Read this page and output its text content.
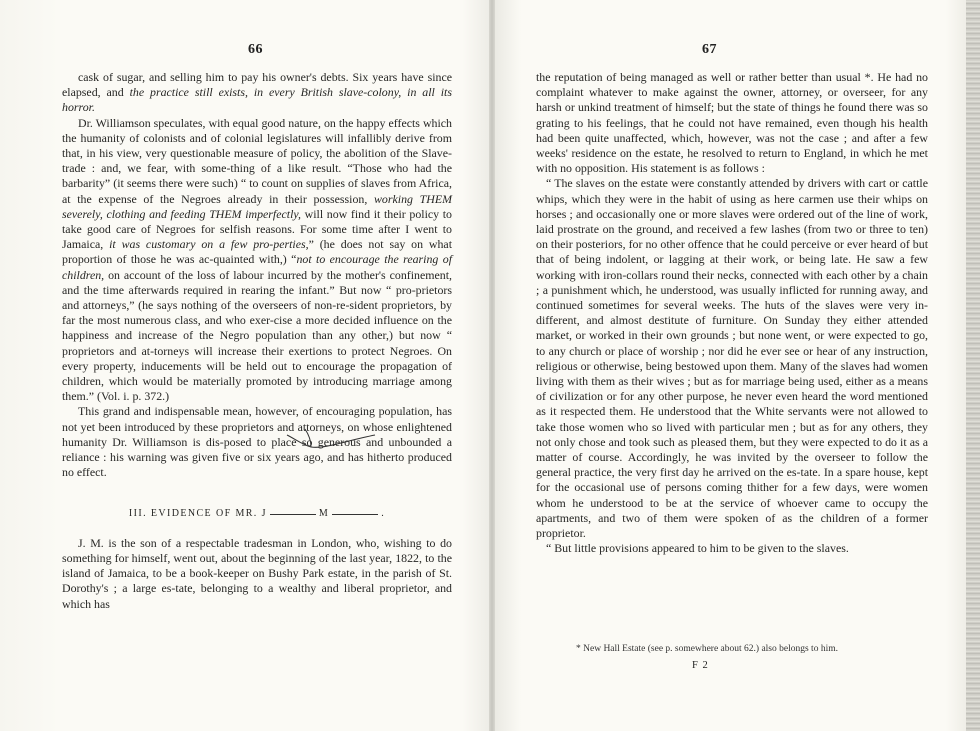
66

cask of sugar, and selling him to pay his owner's debts. Six years have since elapsed, and the practice still exists, in every British slave-colony, in all its horror.

Dr. Williamson speculates, with equal good nature, on the happy effects which the humanity of colonists and of colonial legislatures will infallibly derive from that, in his view, very questionable measure of policy, the abolition of the Slave-trade : and, we fear, with some-thing of a like result. “Those who had the barbarity” (it seems there were such) “ to count on supplies of slaves from Africa, at the expense of the Negroes already in their possession, working THEM severely, clothing and feeding THEM imperfectly, will now find it their policy to take good care of Negroes for selfish reasons. For some time after I went to Jamaica, it was customary on a few pro-perties,” (he does not say on what proportion of those he was ac-quainted with,) “not to encourage the rearing of children, on account of the loss of labour incurred by the mother's confinement, and the time afterwards required in rearing the infant.” But now “ pro-prietors and attorneys,” (he says nothing of the overseers of non-re-sident proprietors, by far the most numerous class, and who exer-cise a more decided influence on the happiness and increase of the Negro population than any other,) but now “ proprietors and at-torneys will increase their exertions to protect Negroes. On every property, inducements will be held out to encourage the propagation of children, which would be materially promoted by introducing marriage among them.” (Vol. i. p. 372.)

This grand and indispensable mean, however, of encouraging population, has not yet been introduced by these proprietors and attorneys, on whose enlightened humanity Dr. Williamson is dis-posed to place so generous and unbounded a reliance : his warning was given five or six years ago, and has hitherto produced no effect.

III. EVIDENCE OF MR. J	M	.

J. M. is the son of a respectable tradesman in London, who, wishing to do something for himself, went out, about the beginning of the last year, 1822, to the island of Jamaica, to be a book-keeper on Bushy Park estate, in the parish of St. Dorothy's ; a large es-tate, belonging to a wealthy and liberal proprietor, and which has

67

the reputation of being managed as well or rather better than usual *. He had no complaint whatever to make against the owner, attorney, or overseer, for any harsh or unkind treatment of himself; but the state of things he found there was so grating to his feelings, that he could not have remained, even though his health had been quite unaffected, which, however, was not the case ; and after a few weeks' residence on the estate, he resolved to return to England, in which he met with no opposition. His statement is as follows :

“ The slaves on the estate were constantly attended by drivers with cart or cattle whips, which they were in the habit of using as here carmen use their whips on horses ; and occasionally one or more slaves were ordered out of the line of work, laid prostrate on the ground, and received a few lashes (from two or three to ten) on their posteriors, for no other offence that he could perceive or ever heard of but that of being indolent, or lagging at their work, or being late. He saw a few working with iron-collars round their necks, connected with each other by a chain ; a punishment which, he understood, was usually inflicted for running away, and continued sometimes for several weeks. The huts of the slaves were very in-different, and almost destitute of furniture. On Sunday they either attended market, or worked in their own grounds ; but none went, or were expected to go, to any church or place of worship ; nor did he ever see or hear of any instruction, religious or otherwise, being bestowed upon them. Many of the slaves had women living with them as their wives ; but as for marriage being used, either as a means of civilization or for any other purpose, he never even heard the word mentioned as it respected them. He understood that the White servants were not allowed to take those women who so lived with particular men ; but as for any others, they not only chose and took such as pleased them, but they were expected to do it as a matter of course. Accordingly, he was invited by the overseer to follow the general practice, the very first day he arrived on the es-tate. In a spare house, kept for the occasional use of persons coming thither for a few days, were women whom he understood to be at the service of whoever came to occupy the apartments, and two of them were spoken of as the children of a former proprietor.

“ But little provisions appeared to him to be given to the slaves.

* New Hall Estate (see p. somewhere about 62.) also belongs to him.
F 2
